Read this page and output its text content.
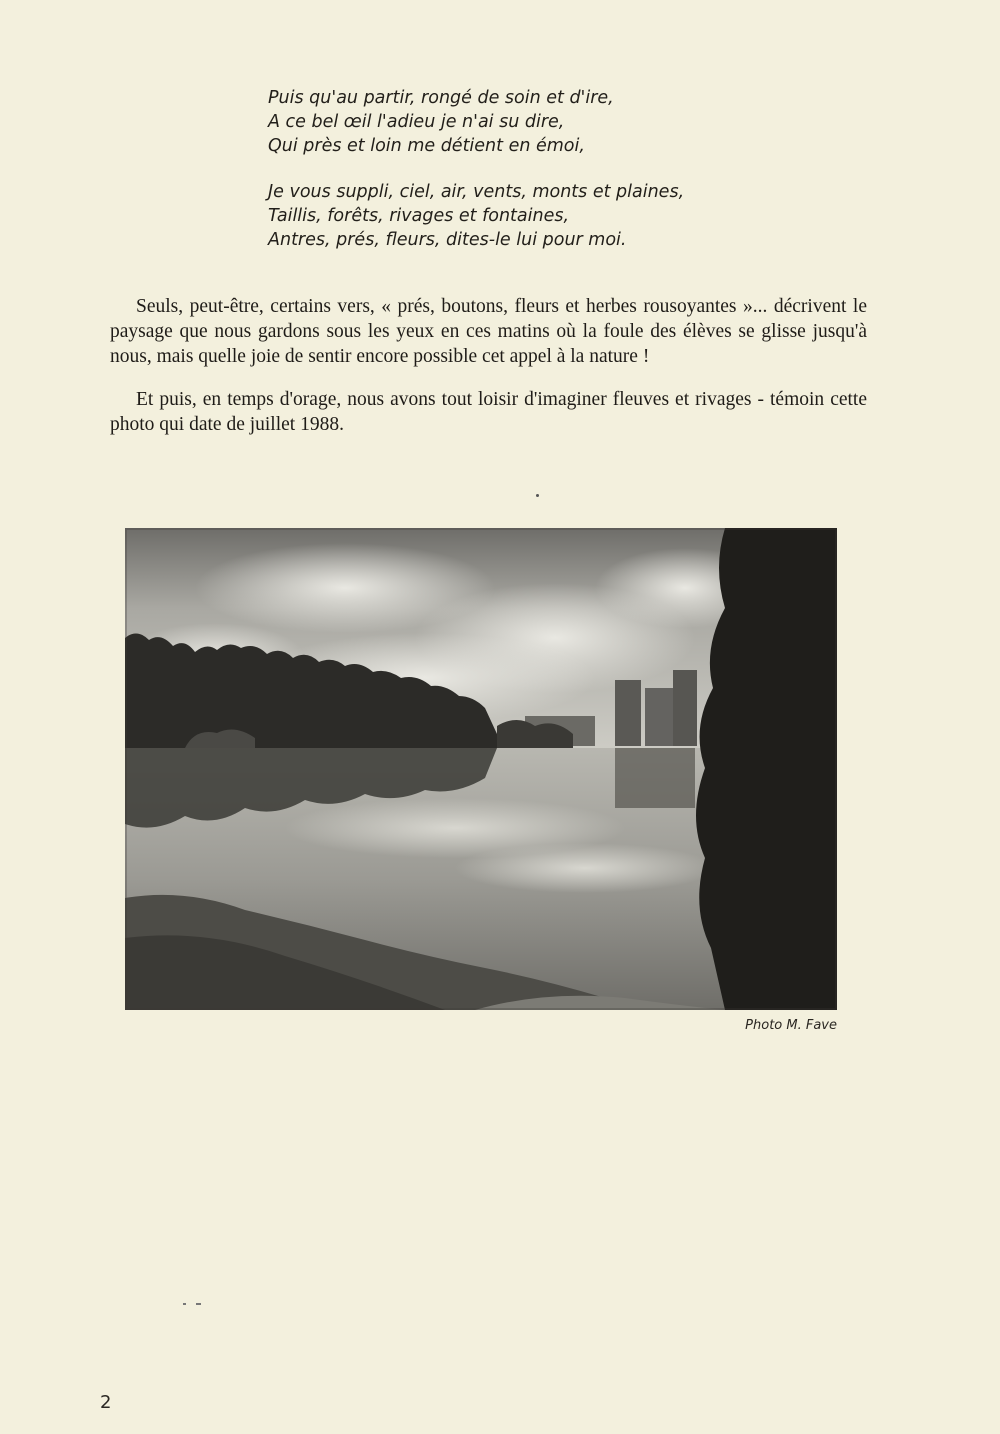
Puis qu'au partir, rongé de soin et d'ire,
A ce bel œil l'adieu je n'ai su dire,
Qui près et loin me détient en émoi,
Je vous suppli, ciel, air, vents, monts et plaines,
Taillis, forêts, rivages et fontaines,
Antres, prés, fleurs, dites-le lui pour moi.

Seuls, peut-être, certains vers, « prés, boutons, fleurs et herbes rousoyantes »... décrivent le paysage que nous gardons sous les yeux en ces matins où la foule des élèves se glisse jusqu'à nous, mais quelle joie de sentir encore possible cet appel à la nature !

Et puis, en temps d'orage, nous avons tout loisir d'imaginer fleuves et rivages - témoin cette photo qui date de juillet 1988.

Photo M. Fave
2
